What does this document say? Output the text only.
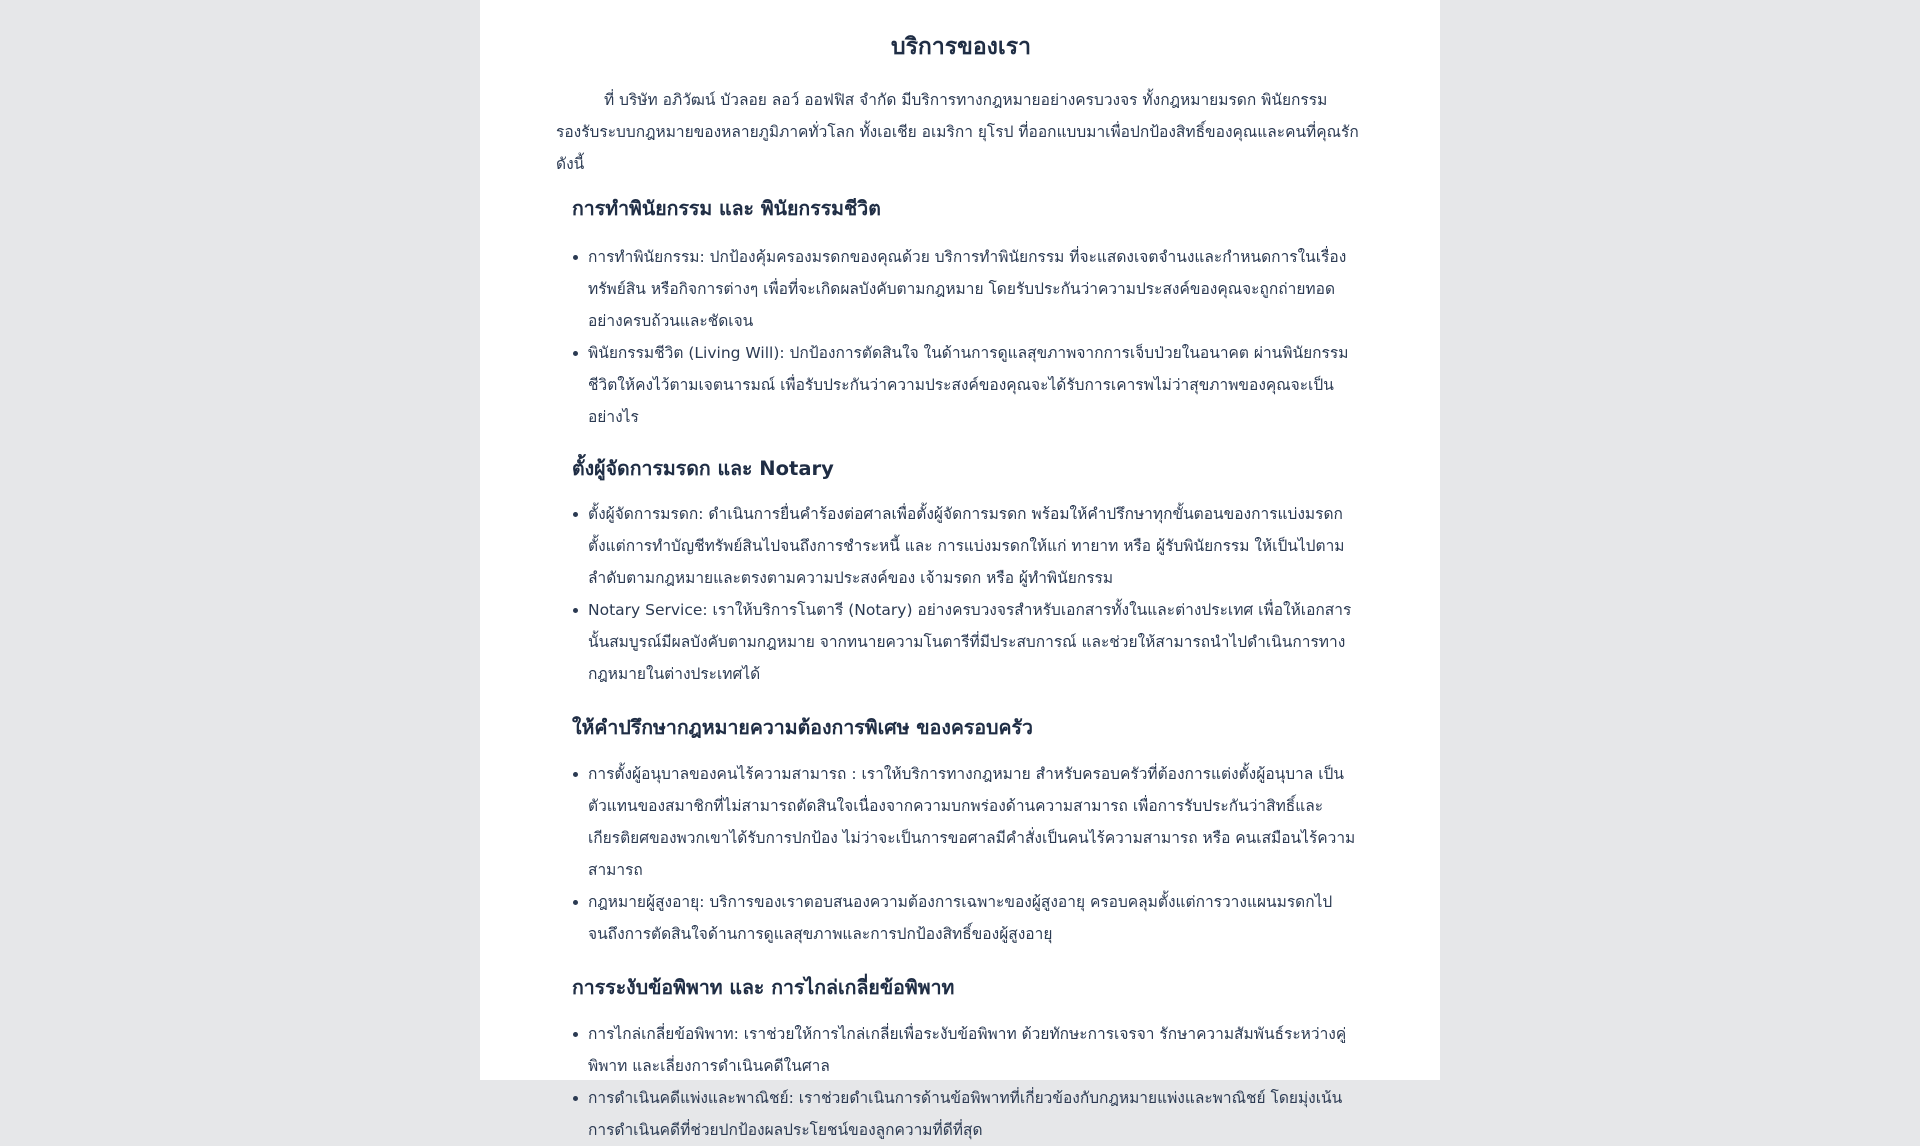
บริการของเรา

ที่ บริษัท อภิวัฒน์ บัวลอย ลอว์ ออฟฟิส จำกัด มีบริการทางกฎหมายอย่างครบวงจร ทั้งกฎหมายมรดก พินัยกรรม รองรับระบบกฎหมายของหลายภูมิภาคทั่วโลก ทั้งเอเชีย อเมริกา ยุโรป ที่ออกแบบมาเพื่อปกป้องสิทธิ์ของคุณและคนที่คุณรักดังนี้

การทำพินัยกรรม และ พินัยกรรมชีวิต
การทำพินัยกรรม: ปกป้องคุ้มครองมรดกของคุณด้วย บริการทำพินัยกรรม ที่จะแสดงเจตจำนงและกำหนดการในเรื่องทรัพย์สิน หรือกิจการต่างๆ เพื่อที่จะเกิดผลบังคับตามกฎหมาย โดยรับประกันว่าความประสงค์ของคุณจะถูกถ่ายทอดอย่างครบถ้วนและชัดเจน
พินัยกรรมชีวิต (Living Will): ปกป้องการตัดสินใจ ในด้านการดูแลสุขภาพจากการเจ็บป่วยในอนาคต ผ่านพินัยกรรมชีวิตให้คงไว้ตามเจตนารมณ์ เพื่อรับประกันว่าความประสงค์ของคุณจะได้รับการเคารพไม่ว่าสุขภาพของคุณจะเป็นอย่างไร
ตั้งผู้จัดการมรดก และ Notary
ตั้งผู้จัดการมรดก: ดำเนินการยื่นคำร้องต่อศาลเพื่อตั้งผู้จัดการมรดก พร้อมให้คำปรึกษาทุกขั้นตอนของการแบ่งมรดก ตั้งแต่การทำบัญชีทรัพย์สินไปจนถึงการชำระหนี้ และ การแบ่งมรดกให้แก่ ทายาท หรือ ผู้รับพินัยกรรม ให้เป็นไปตามลำดับตามกฎหมายและตรงตามความประสงค์ของ เจ้ามรดก หรือ ผู้ทำพินัยกรรม
Notary Service: เราให้บริการโนตารี (Notary) อย่างครบวงจรสำหรับเอกสารทั้งในและต่างประเทศ เพื่อให้เอกสารนั้นสมบูรณ์มีผลบังคับตามกฎหมาย จากทนายความโนตารีที่มีประสบการณ์ และช่วยให้สามารถนำไปดำเนินการทางกฎหมายในต่างประเทศได้
ให้คำปรึกษากฎหมายความต้องการพิเศษ ของครอบครัว
การตั้งผู้อนุบาลของคนไร้ความสามารถ : เราให้บริการทางกฎหมาย สำหรับครอบครัวที่ต้องการแต่งตั้งผู้อนุบาล เป็นตัวแทนของสมาชิกที่ไม่สามารถตัดสินใจเนื่องจากความบกพร่องด้านความสามารถ เพื่อการรับประกันว่าสิทธิ์และเกียรติยศของพวกเขาได้รับการปกป้อง ไม่ว่าจะเป็นการขอศาลมีคำสั่งเป็นคนไร้ความสามารถ หรือ คนเสมือนไร้ความสามารถ
กฎหมายผู้สูงอายุ: บริการของเราตอบสนองความต้องการเฉพาะของผู้สูงอายุ ครอบคลุมตั้งแต่การวางแผนมรดกไปจนถึงการตัดสินใจด้านการดูแลสุขภาพและการปกป้องสิทธิ์ของผู้สูงอายุ
การระงับข้อพิพาท และ การไกล่เกลี่ยข้อพิพาท
การไกล่เกลี่ยข้อพิพาท: เราช่วยให้การไกล่เกลี่ยเพื่อระงับข้อพิพาท ด้วยทักษะการเจรจา รักษาความสัมพันธ์ระหว่างคู่พิพาท และเลี่ยงการดำเนินคดีในศาล
การดำเนินคดีแพ่งและพาณิชย์: เราช่วยดำเนินการด้านข้อพิพาทที่เกี่ยวข้องกับกฎหมายแพ่งและพาณิชย์ โดยมุ่งเน้นการดำเนินคดีที่ช่วยปกป้องผลประโยชน์ของลูกความที่ดีที่สุด
